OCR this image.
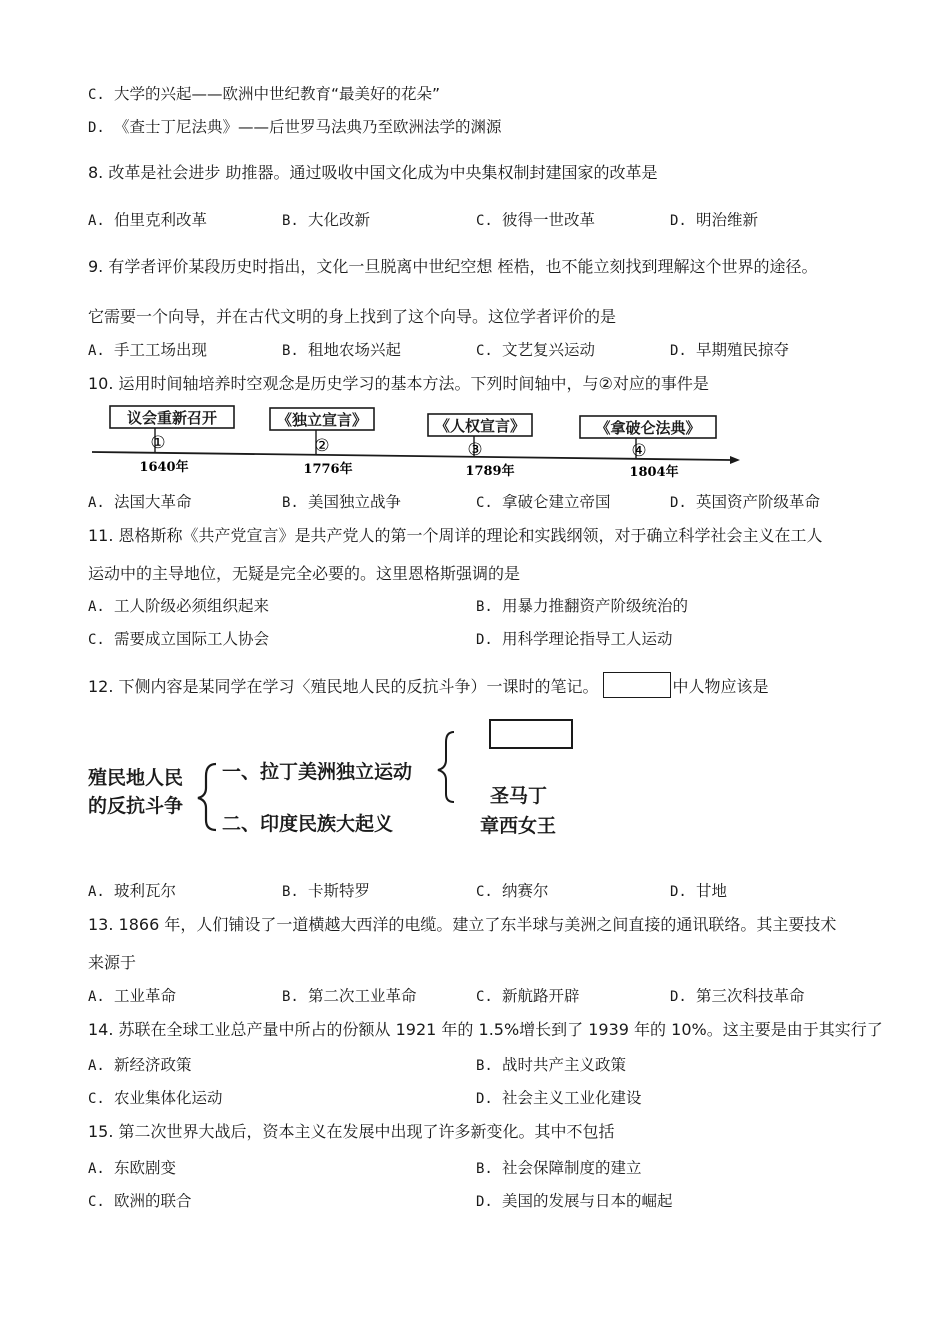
C. 大学的兴起——欧洲中世纪教育“最美好的花朵”
D. 《查士丁尼法典》——后世罗马法典乃至欧洲法学的渊源
8. 改革是社会进步 助推器。通过吸收中国文化成为中央集权制封建国家的改革是
A. 伯里克利改革	B. 大化改新	C. 彼得一世改革	D. 明治维新
9. 有学者评价某段历史时指出，文化一旦脱离中世纪空想 桎梏，也不能立刻找到理解这个世界的途径。
它需要一个向导，并在古代文明的身上找到了这个向导。这位学者评价的是
A. 手工工场出现	B. 租地农场兴起	C. 文艺复兴运动	D. 早期殖民掠夺
10. 运用时间轴培养时空观念是历史学习的基本方法。下列时间轴中，与②对应的事件是
议会重新召开
①
1640年
《独立宣言》
②
1776年
《人权宣言》
③
1789年
《拿破仑法典》
④
1804年
A. 法国大革命	B. 美国独立战争	C. 拿破仑建立帝国	D. 英国资产阶级革命
11. 恩格斯称《共产党宣言》是共产党人的第一个周详的理论和实践纲领，对于确立科学社会主义在工人
运动中的主导地位，无疑是完全必要的。这里恩格斯强调的是
A. 工人阶级必须组织起来	B. 用暴力推翻资产阶级统治的
C. 需要成立国际工人协会	D. 用科学理论指导工人运动
12. 下侧内容是某同学在学习〈殖民地人民的反抗斗争）一课时的笔记。	中人物应该是
殖民地人民
的反抗斗争
一、拉丁美洲独立运动
二、印度民族大起义
圣马丁
章西女王
A. 玻利瓦尔	B. 卡斯特罗	C. 纳赛尔	D. 甘地
13. 1866 年，人们铺设了一道横越大西洋的电缆。建立了东半球与美洲之间直接的通讯联络。其主要技术
来源于
A. 工业革命	B. 第二次工业革命	C. 新航路开辟	D. 第三次科技革命
14. 苏联在全球工业总产量中所占的份额从 1921 年的 1.5%增长到了 1939 年的 10%。这主要是由于其实行了
A. 新经济政策	B. 战时共产主义政策
C. 农业集体化运动	D. 社会主义工业化建设
15. 第二次世界大战后，资本主义在发展中出现了许多新变化。其中不包括
A. 东欧剧变	B. 社会保障制度的建立
C. 欧洲的联合	D. 美国的发展与日本的崛起
